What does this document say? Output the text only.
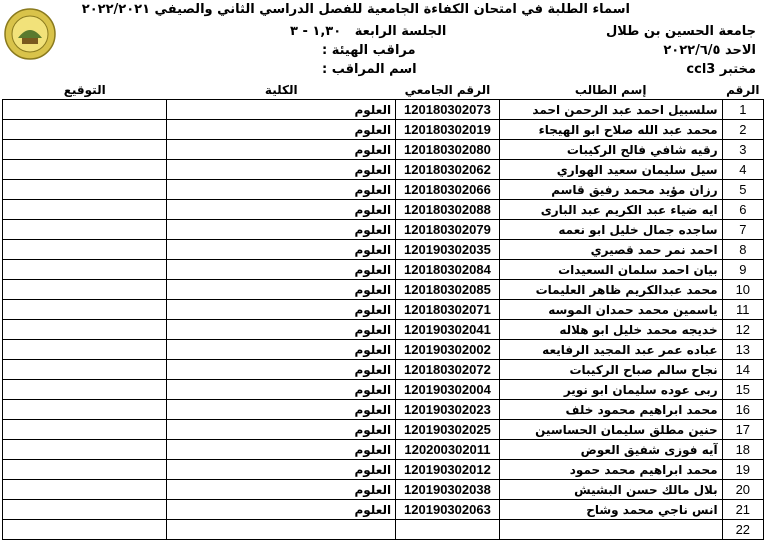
اسماء الطلبة في امتحان الكفاءة الجامعية للفصل الدراسي الثاني والصيفي ٢٠٢٢/٢٠٢١
جامعة الحسين بن طلال
الاحد ٢٠٢٢/٦/٥
مختبر ccl3
الجلسة الرابعة   ١,٣٠ - ٣
مراقب الهيئة :
اسم المراقب :
التوقيع	الكلية	الرقم الجامعي	إسم الطالب	الرقم
	العلوم	120180302073	سلسبيل احمد عبد الرحمن احمد	1
	العلوم	120180302019	محمد عبد الله صلاح ابو الهيجاء	2
	العلوم	120180302080	رقيه شافي فالح الركيبات	3
	العلوم	120180302062	سيل سليمان سعيد الهواري	4
	العلوم	120180302066	رزان مؤيد محمد رفيق قاسم	5
	العلوم	120180302088	ايه ضياء عبد الكريم عبد البارى	6
	العلوم	120180302079	ساجده جمال خليل ابو نعمه	7
	العلوم	120190302035	احمد نمر حمد قصيري	8
	العلوم	120180302084	بيان احمد سلمان السعيدات	9
	العلوم	120180302085	محمد عبدالكريم ظاهر العليمات	10
	العلوم	120180302071	ياسمين محمد حمدان الموسه	11
	العلوم	120190302041	خديجه محمد خليل ابو هلاله	12
	العلوم	120190302002	عباده عمر عبد المجيد الرفايعه	13
	العلوم	120180302072	نجاح سالم صباح الركيبات	14
	العلوم	120190302004	ربى عوده سليمان ابو نوير	15
	العلوم	120190302023	محمد ابراهيم محمود خلف	16
	العلوم	120190302025	حنين مطلق سليمان الحساسين	17
	العلوم	120200302011	آيه فوزى شفيق العوض	18
	العلوم	120190302012	محمد ابراهيم محمد حمود	19
	العلوم	120190302038	بلال مالك حسن البشيش	20
	العلوم	120190302063	انس ناجي محمد وشاح	21
				22
